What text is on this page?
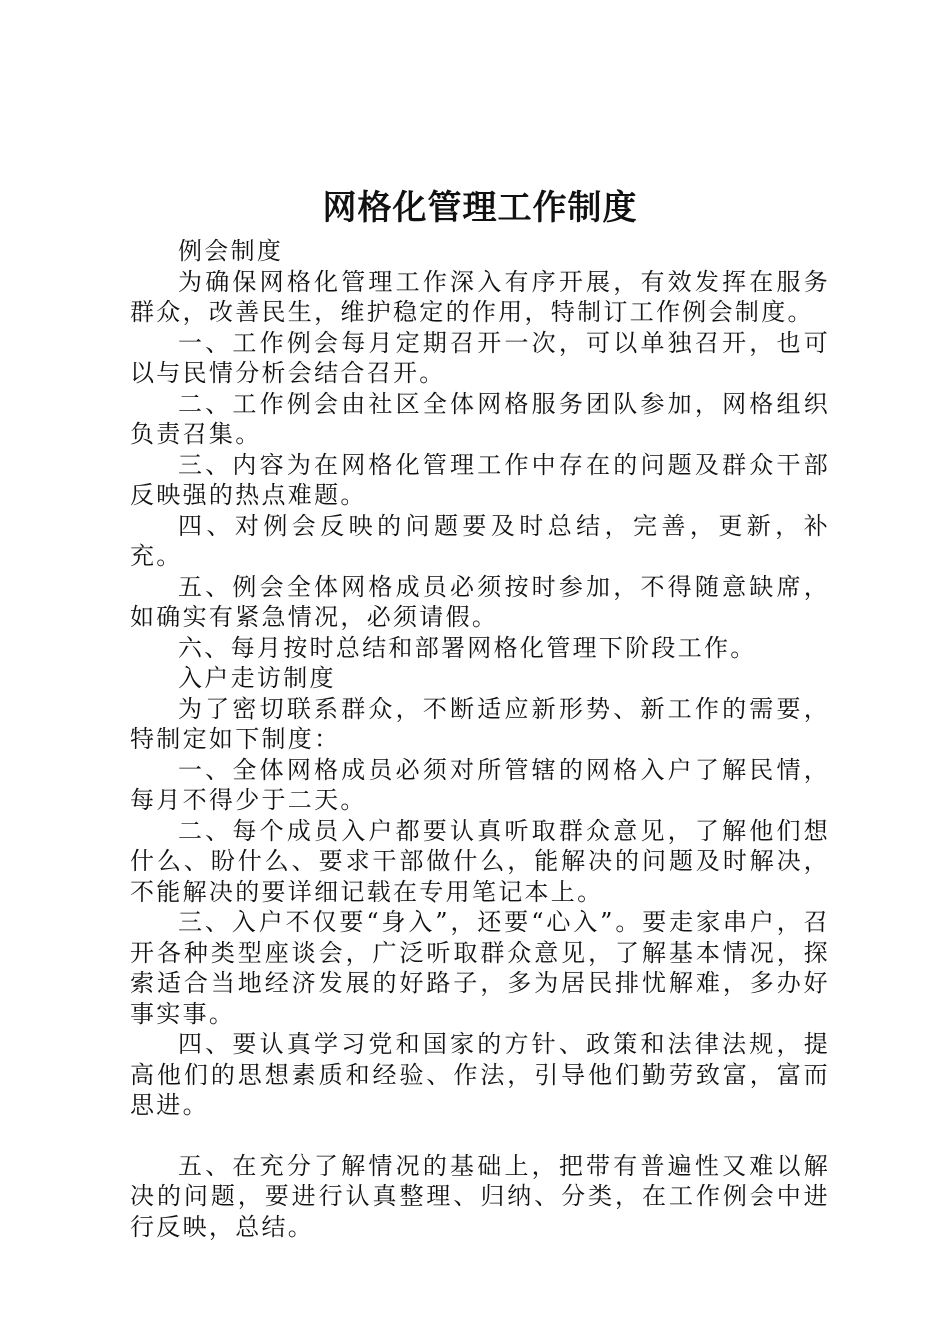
网格化管理工作制度

例会制度

为确保网格化管理工作深入有序开展，有效发挥在服务群众，改善民生，维护稳定的作用，特制订工作例会制度。

一、工作例会每月定期召开一次，可以单独召开，也可以与民情分析会结合召开。

二、工作例会由社区全体网格服务团队参加，网格组织负责召集。

三、内容为在网格化管理工作中存在的问题及群众干部反映强的热点难题。

四、对例会反映的问题要及时总结，完善，更新，补充。

五、例会全体网格成员必须按时参加，不得随意缺席，如确实有紧急情况，必须请假。

六、每月按时总结和部署网格化管理下阶段工作。

入户走访制度

为了密切联系群众，不断适应新形势、新工作的需要，特制定如下制度：

一、全体网格成员必须对所管辖的网格入户了解民情，每月不得少于二天。

二、每个成员入户都要认真听取群众意见，了解他们想什么、盼什么、要求干部做什么，能解决的问题及时解决，不能解决的要详细记载在专用笔记本上。

三、入户不仅要“身入”，还要“心入”。要走家串户，召开各种类型座谈会，广泛听取群众意见，了解基本情况，探索适合当地经济发展的好路子，多为居民排忧解难，多办好事实事。

四、要认真学习党和国家的方针、政策和法律法规，提高他们的思想素质和经验、作法，引导他们勤劳致富，富而思进。

五、在充分了解情况的基础上，把带有普遍性又难以解决的问题，要进行认真整理、归纳、分类，在工作例会中进行反映，总结。
